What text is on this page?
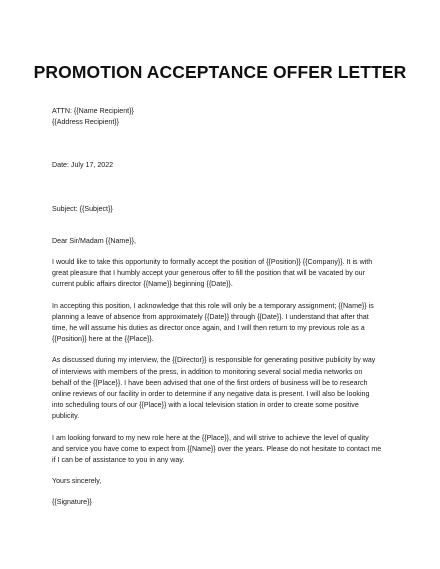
PROMOTION ACCEPTANCE OFFER LETTER
ATTN: {{Name Recipient}}
{{Address Recipient}}
Date: July 17, 2022
Subject: {{Subject}}
Dear Sir/Madam {{Name}},
I would like to take this opportunity to formally accept the position of {{Position}} {{Company}}. It is with
great pleasure that I humbly accept your generous offer to fill the position that will be vacated by our
current public affairs director {{Name}} beginning {{Date}}.
In accepting this position, I acknowledge that this role will only be a temporary assignment; {{Name}} is
planning a leave of absence from approximately {{Date}} through {{Date}}. I understand that after that
time, he will assume his duties as director once again, and I will then return to my previous role as a
{{Position}} here at the {{Place}}.
As discussed during my interview, the {{Director}} is responsible for generating positive publicity by way
of interviews with members of the press, in addition to monitoring several social media networks on
behalf of the {{Place}}. I have been advised that one of the first orders of business will be to research
online reviews of our facility in order to determine if any negative data is present. I will also be looking
into scheduling tours of our {{Place}} with a local television station in order to create some positive
publicity.
I am looking forward to my new role here at the {{Place}}, and will strive to achieve the level of quality
and service you have come to expect from {{Name}} over the years. Please do not hesitate to contact me
if I can be of assistance to you in any way.
Yours sincerely,
{{Signature}}
